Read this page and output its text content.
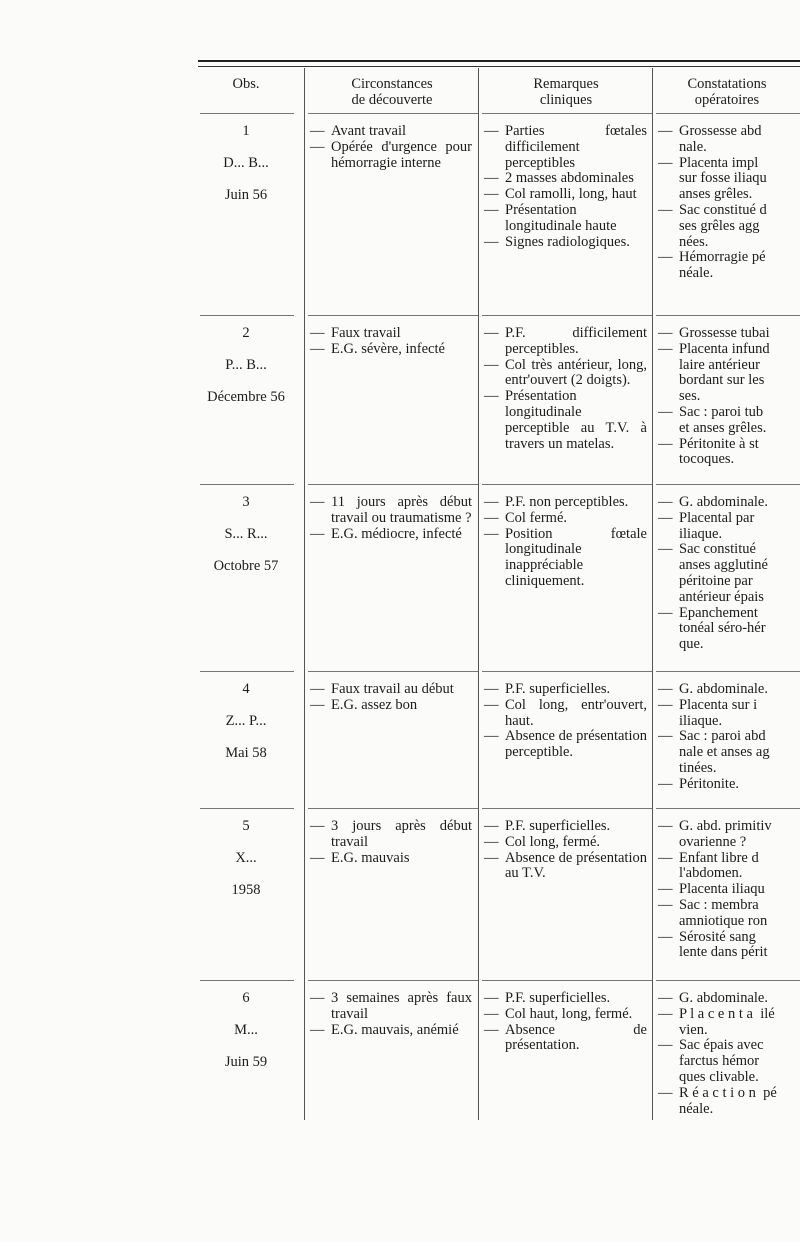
Obs.	Circonstances
de découverte
Remarques
cliniques
Constatations
opératoires
1
D... B...
Juin 56
— Avant travail
— Opérée d'urgence pour hémorragie interne
— Parties fœtales difficilement perceptibles
— 2 masses abdominales
— Col ramolli, long, haut
— Présentation longitudinale haute
— Signes radiologiques.
— Grossesse abd
nale.
— Placenta impl
sur fosse iliaqu
anses grêles.
— Sac constitué d
ses grêles agg
nées.
— Hémorragie pé
néale.
2
P... B...
Décembre 56
— Faux travail
— E.G. sévère, infecté
— P.F. difficilement perceptibles.
— Col très antérieur, long, entr'ouvert (2 doigts).
— Présentation longitudinale perceptible au T.V. à travers un matelas.
— Grossesse tubai
— Placenta infund
laire antérieur
bordant sur les
ses.
— Sac : paroi tub
et anses grêles.
— Péritonite à st
tocoques.
3
S... R...
Octobre 57
— 11 jours après début travail ou traumatisme ?
— E.G. médiocre, infecté
— P.F. non perceptibles.
— Col fermé.
— Position fœtale longitudinale inappréciable cliniquement.
— G. abdominale.
— Placental par
iliaque.
— Sac constitué
anses agglutiné
péritoine par
antérieur épais
— Epanchement
tonéal séro-hér
que.
4
Z... P...
Mai 58
— Faux travail au début
— E.G. assez bon
— P.F. superficielles.
— Col long, entr'ouvert, haut.
— Absence de présentation perceptible.
— G. abdominale.
— Placenta sur i
iliaque.
— Sac : paroi abd
nale et anses ag
tinées.
— Péritonite.
5
X...
1958
— 3 jours après début travail
— E.G. mauvais
— P.F. superficielles.
— Col long, fermé.
— Absence de présentation au T.V.
— G. abd. primitiv
ovarienne ?
— Enfant libre d
l'abdomen.
— Placenta iliaqu
— Sac : membra
amniotique ron
— Sérosité sang
lente dans périt
6
M...
Juin 59
— 3 semaines après faux travail
— E.G. mauvais, anémié
— P.F. superficielles.
— Col haut, long, fermé.
— Absence de présentation.
— G. abdominale.
— P l a c e n t a  ilé
vien.
— Sac épais avec
farctus hémor
ques clivable.
— R é a c t i o n  pé
néale.
